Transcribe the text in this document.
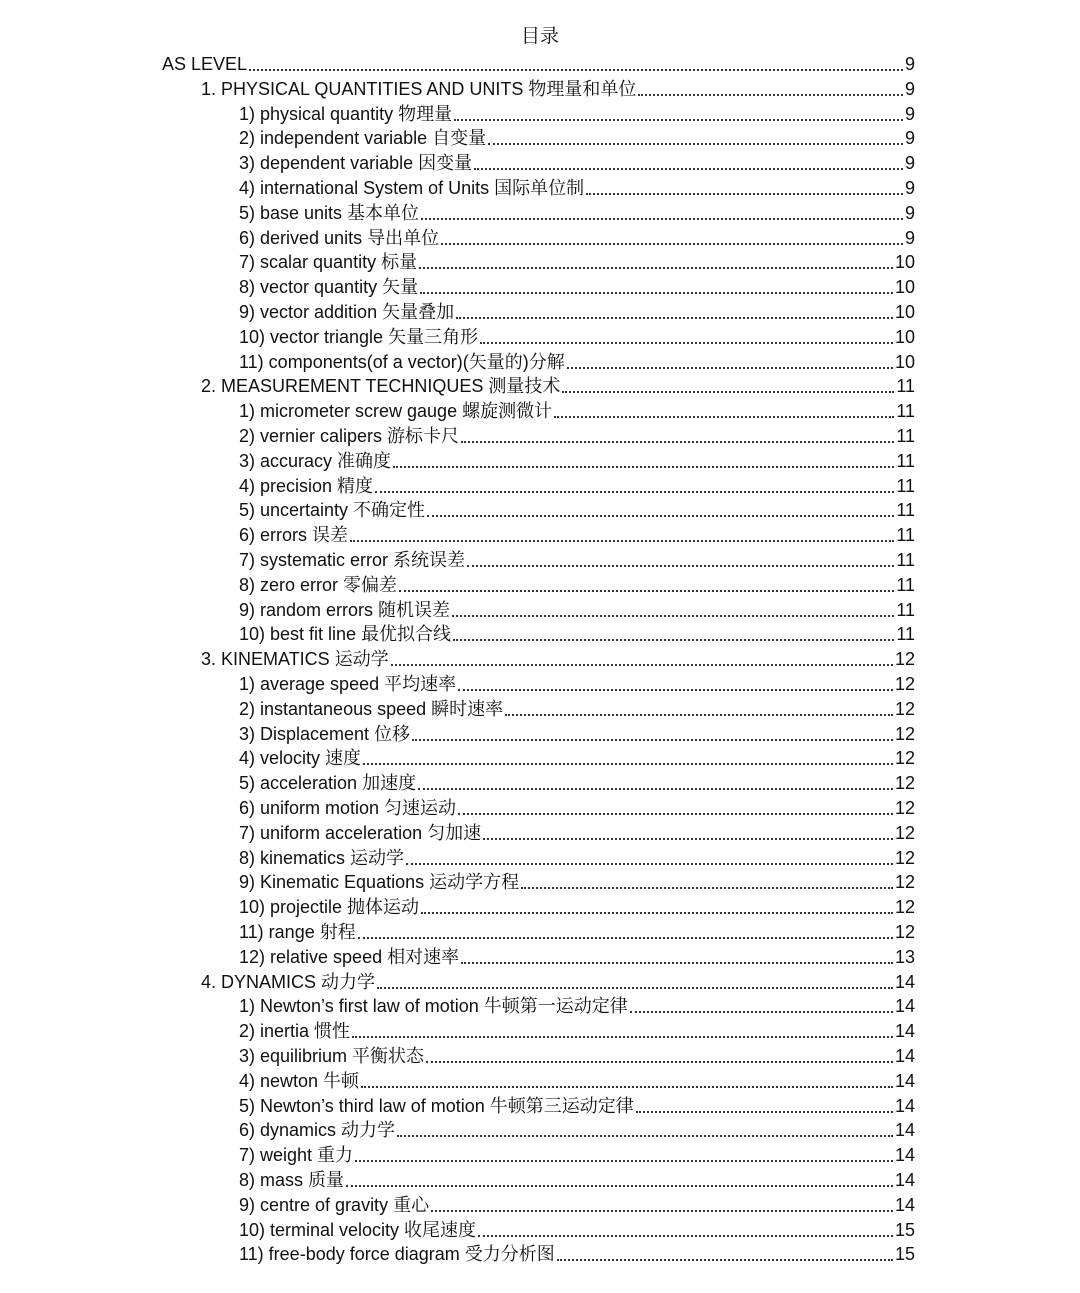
目录
AS LEVEL	9
1. PHYSICAL QUANTITIES AND UNITS 物理量和单位	9
1) physical quantity 物理量	9
2) independent variable 自变量	9
3) dependent variable 因变量	9
4) international System of Units 国际单位制	9
5) base units 基本单位	9
6) derived units 导出单位	9
7) scalar quantity 标量	10
8) vector quantity 矢量	10
9) vector addition 矢量叠加	10
10) vector triangle 矢量三角形	10
11) components(of a vector)(矢量的)分解	10
2. MEASUREMENT TECHNIQUES 测量技术	11
1) micrometer screw gauge 螺旋测微计	11
2) vernier calipers 游标卡尺	11
3) accuracy 准确度	11
4) precision 精度	11
5) uncertainty 不确定性	11
6) errors 误差	11
7) systematic error 系统误差	11
8) zero error 零偏差	11
9) random errors 随机误差	11
10) best fit line 最优拟合线	11
3. KINEMATICS 运动学	12
1) average speed 平均速率	12
2) instantaneous speed 瞬时速率	12
3) Displacement 位移	12
4) velocity 速度	12
5) acceleration 加速度	12
6) uniform motion 匀速运动	12
7) uniform acceleration 匀加速	12
8) kinematics 运动学	12
9) Kinematic Equations 运动学方程	12
10) projectile 抛体运动	12
11) range 射程	12
12) relative speed 相对速率	13
4. DYNAMICS 动力学	14
1) Newton’s first law of motion 牛顿第一运动定律	14
2) inertia 惯性	14
3) equilibrium 平衡状态	14
4) newton 牛顿	14
5) Newton’s third law of motion 牛顿第三运动定律	14
6) dynamics 动力学	14
7) weight 重力	14
8) mass 质量	14
9) centre of gravity 重心	14
10) terminal velocity 收尾速度	15
11) free-body force diagram 受力分析图	15
